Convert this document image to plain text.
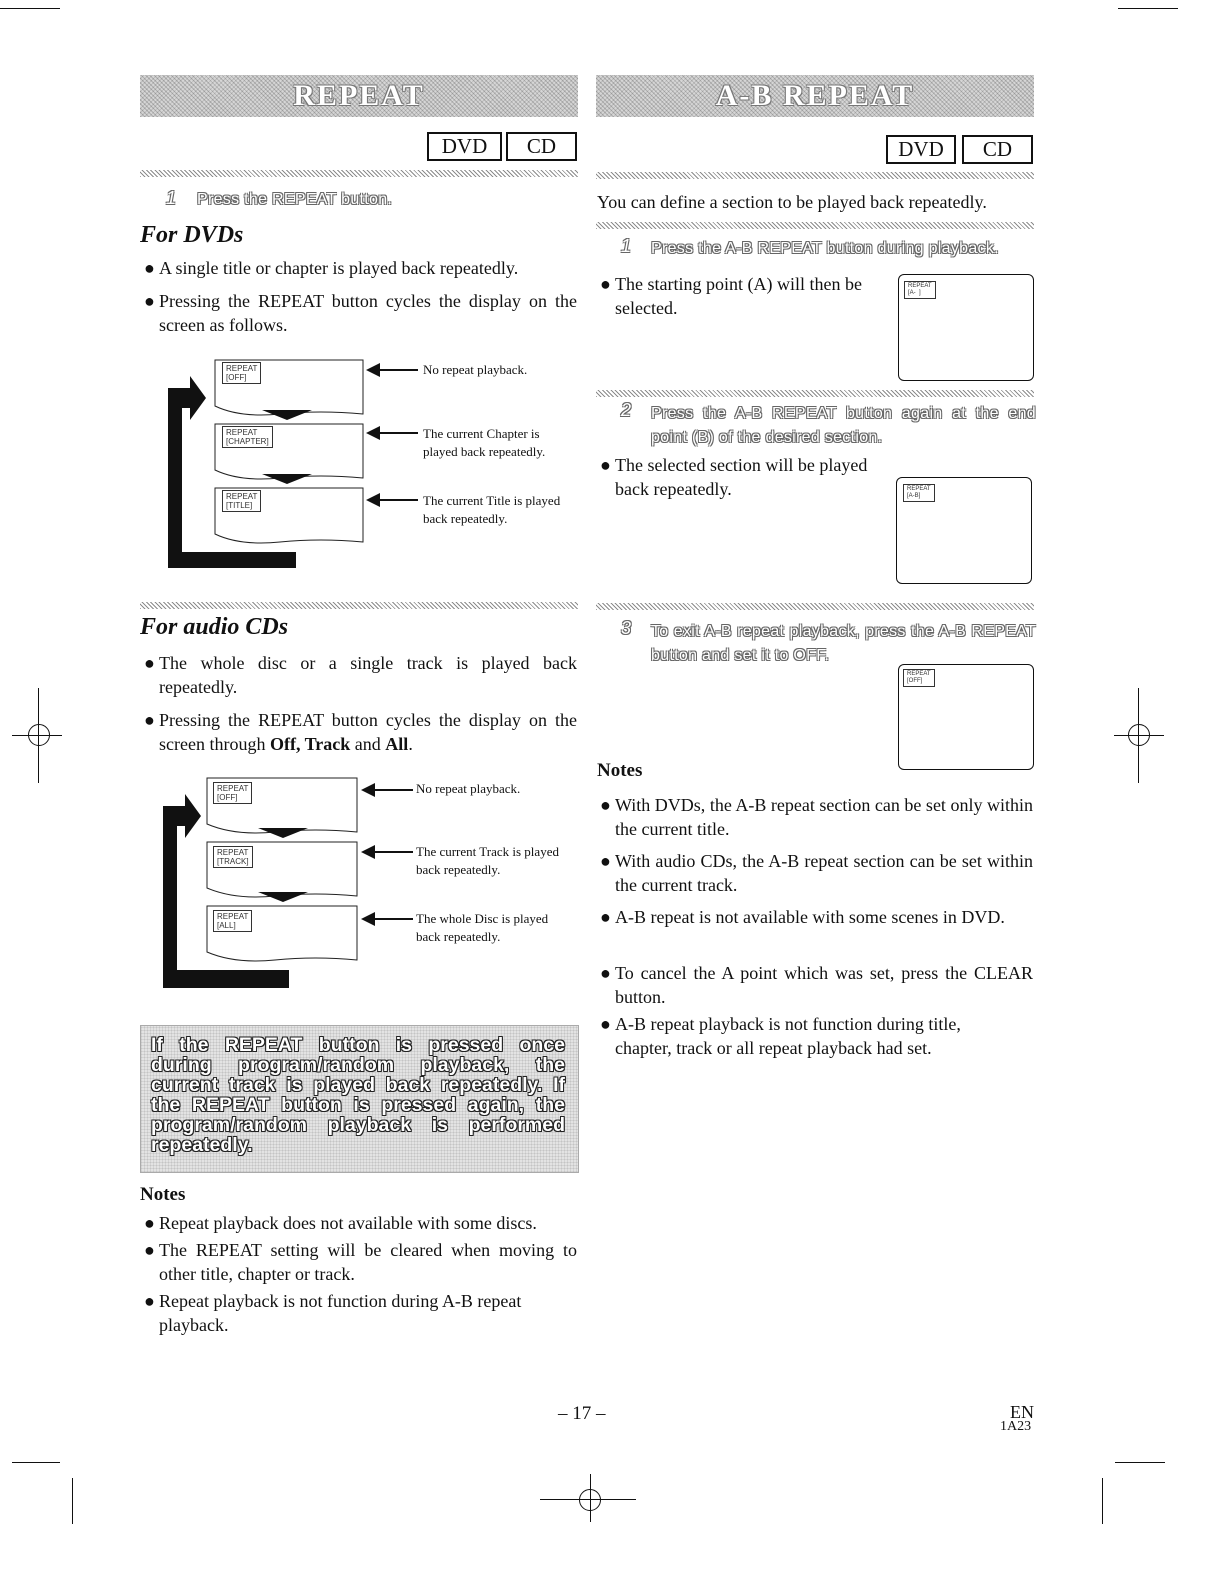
REPEAT
DVD	CD
1 Press the REPEAT button.
For DVDs
● A single title or chapter is played back repeatedly.
● Pressing the REPEAT button cycles the display on the screen as follows.
REPEAT
[OFF]
REPEAT
[CHAPTER]
REPEAT
[TITLE]
No repeat playback.
The current Chapter is played back repeatedly.
The current Title is played back repeatedly.
For audio CDs
● The whole disc or a single track is played back repeatedly.
● Pressing the REPEAT button cycles the display on the screen through Off, Track and All.
REPEAT
[OFF]
REPEAT
[TRACK]
REPEAT
[ALL]
No repeat playback.
The current Track is played back repeatedly.
The whole Disc is played back repeatedly.
If the REPEAT button is pressed once during program/random playback, the current track is played back repeatedly. If the REPEAT button is pressed again, the program/random playback is performed repeatedly.
Notes
● Repeat playback does not available with some discs.
● The REPEAT setting will be cleared when moving to other title, chapter or track.
● Repeat playback is not function during A-B repeat playback.
A-B REPEAT
DVD	CD
You can define a section to be played back repeatedly.
1 Press the A-B REPEAT button during playback.
● The starting point (A) will then be selected.
REPEAT
[A-  ]
2 Press the A-B REPEAT button again at the end point (B) of the desired section.
● The selected section will be played back repeatedly.	REPEAT
[A-B]
3 To exit A-B repeat playback, press the A-B REPEAT button and set it to OFF.
REPEAT
[OFF]
Notes
● With DVDs, the A-B repeat section can be set only within the current title.
● With audio CDs, the A-B repeat section can be set within the current track.
● A-B repeat is not available with some scenes in DVD.
● To cancel the A point which was set, press the CLEAR button.
● A-B repeat playback is not function during title, chapter, track or all repeat playback had set.
– 17 –	EN
1A23
